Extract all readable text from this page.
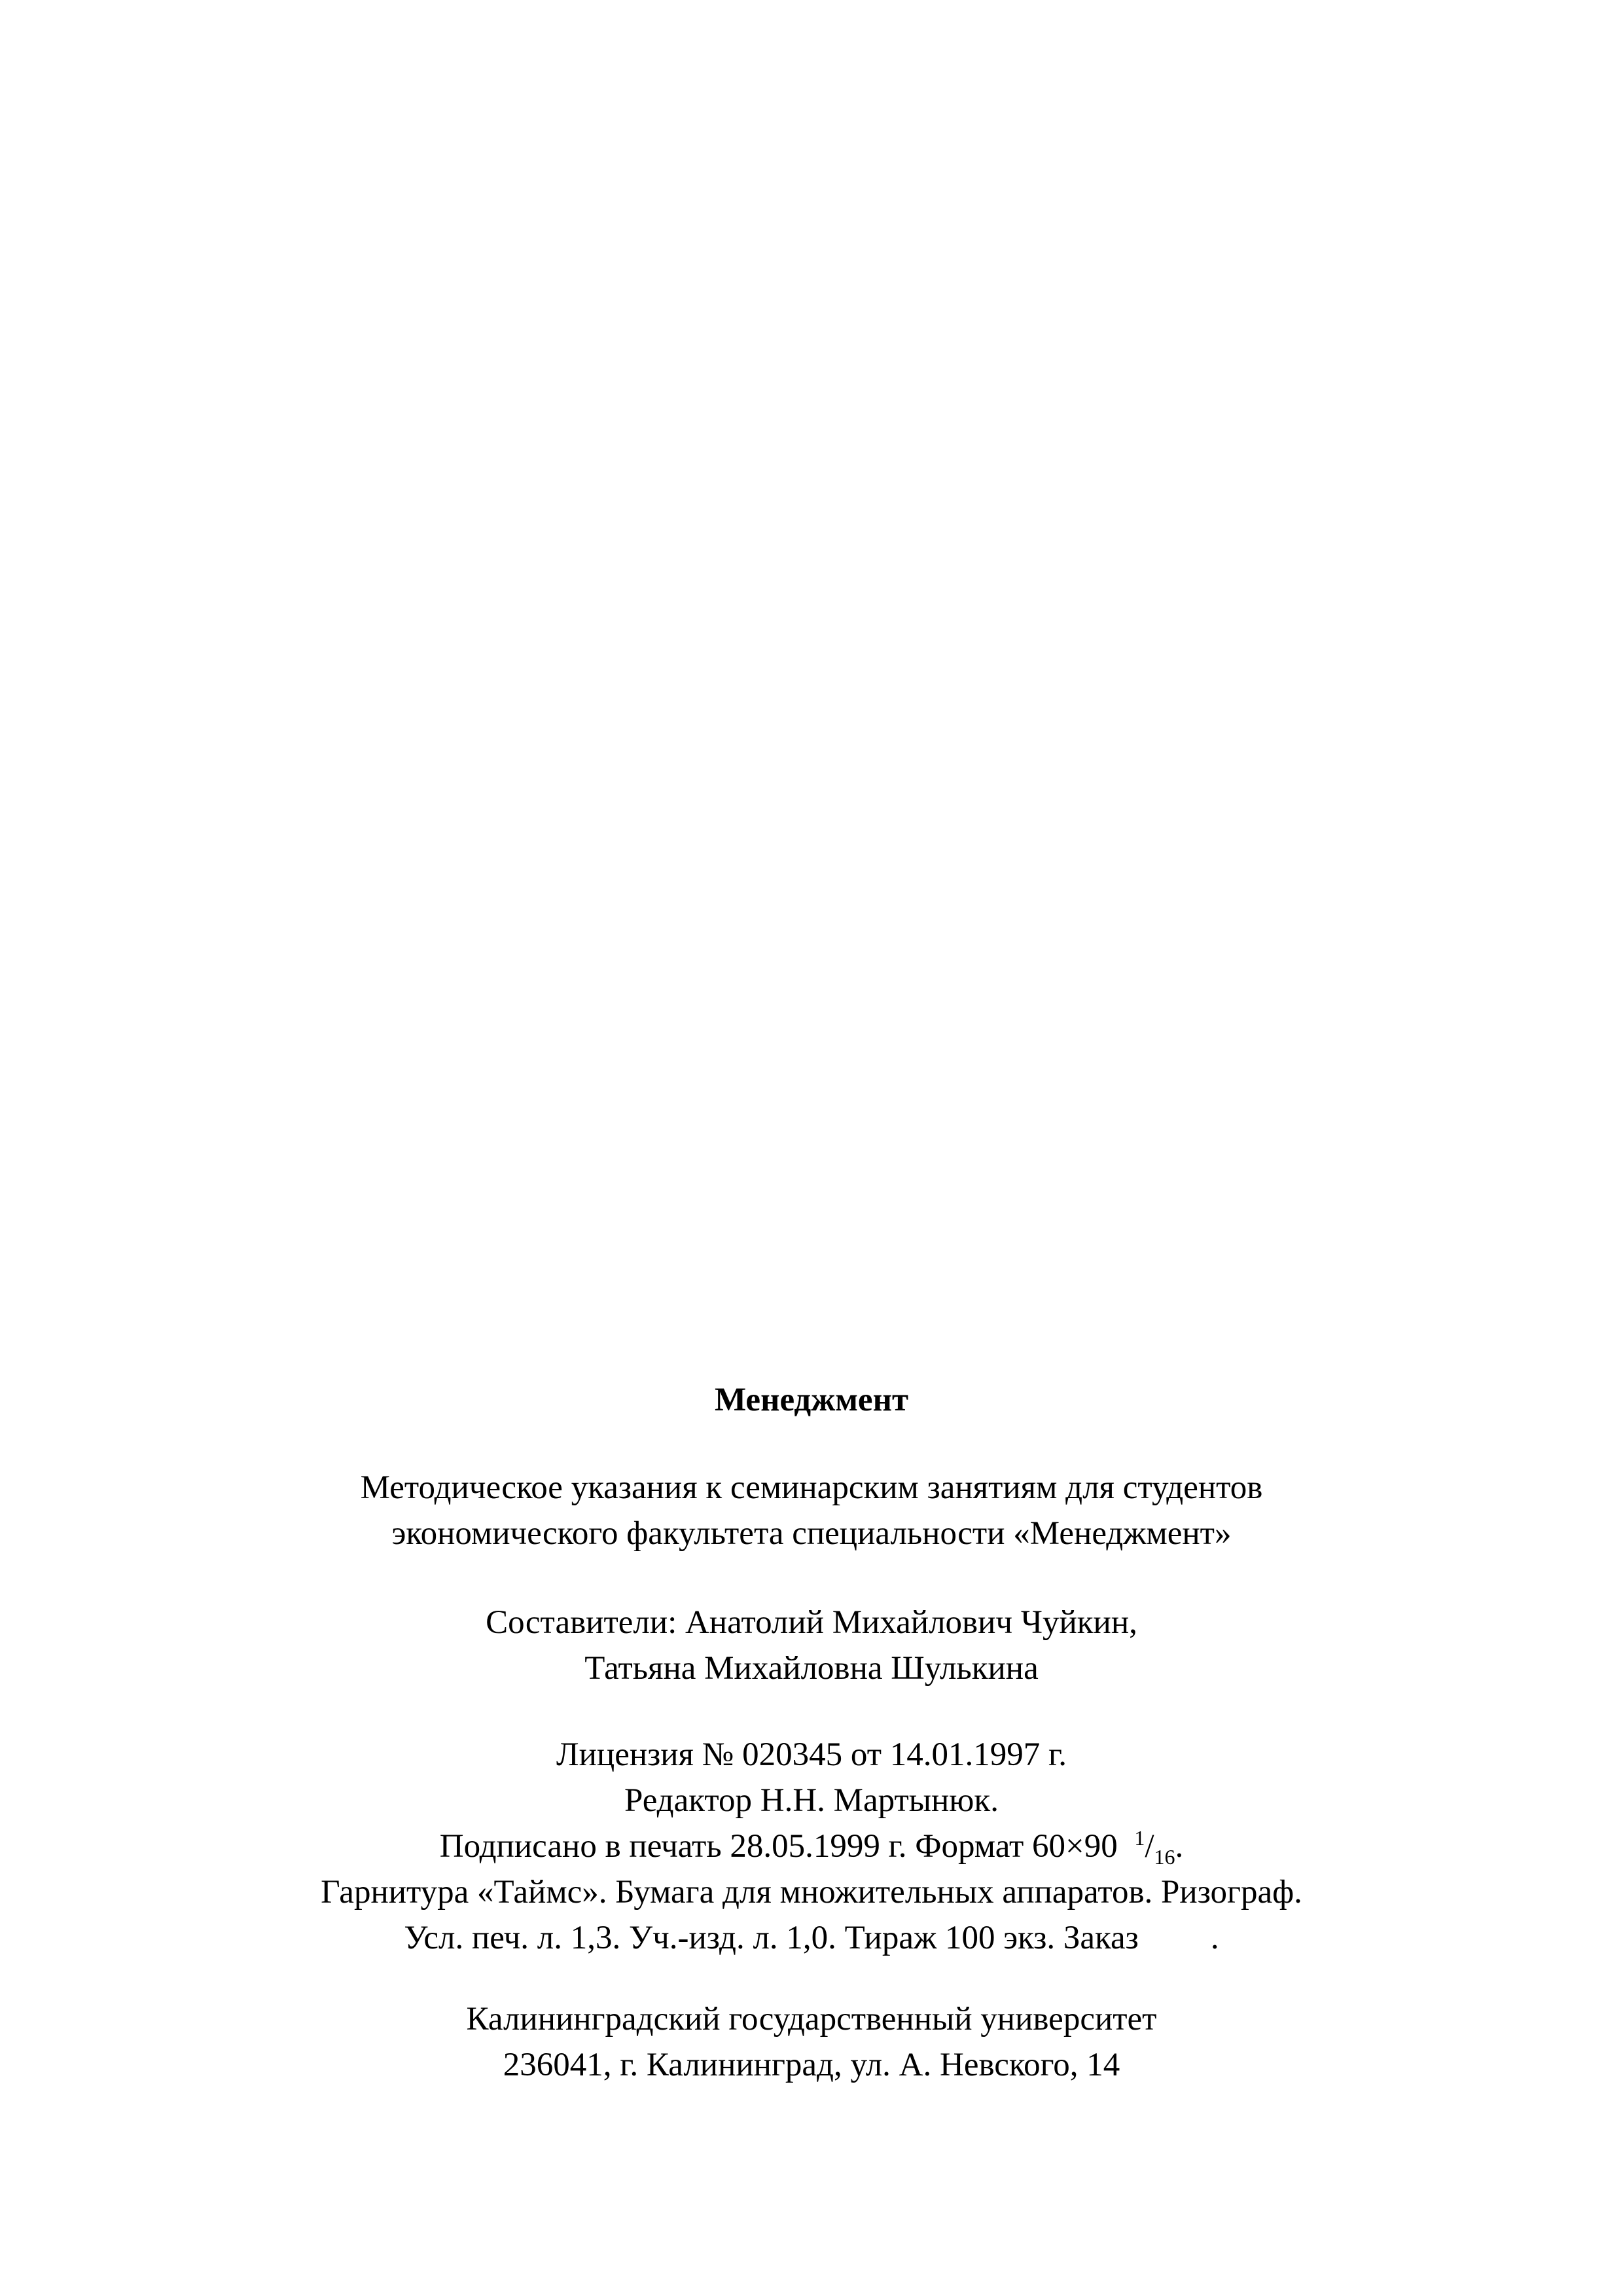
Менеджмент
Методическое указания к семинарским занятиям для студентов
экономического факультета специальности «Менеджмент»
Составители: Анатолий Михайлович Чуйкин,
Татьяна Михайловна Шулькина
Лицензия № 020345 от 14.01.1997 г.
Редактор Н.Н. Мартынюк.
Подписано в печать 28.05.1999 г. Формат 60×90 $^1/_{16}$.
Гарнитура «Таймс». Бумага для множительных аппаратов. Ризограф.
Усл. печ. л. 1,3. Уч.-изд. л. 1,0. Тираж 100 экз. Заказ .
Калининградский государственный университет
236041, г. Калининград, ул. А. Невского, 14
